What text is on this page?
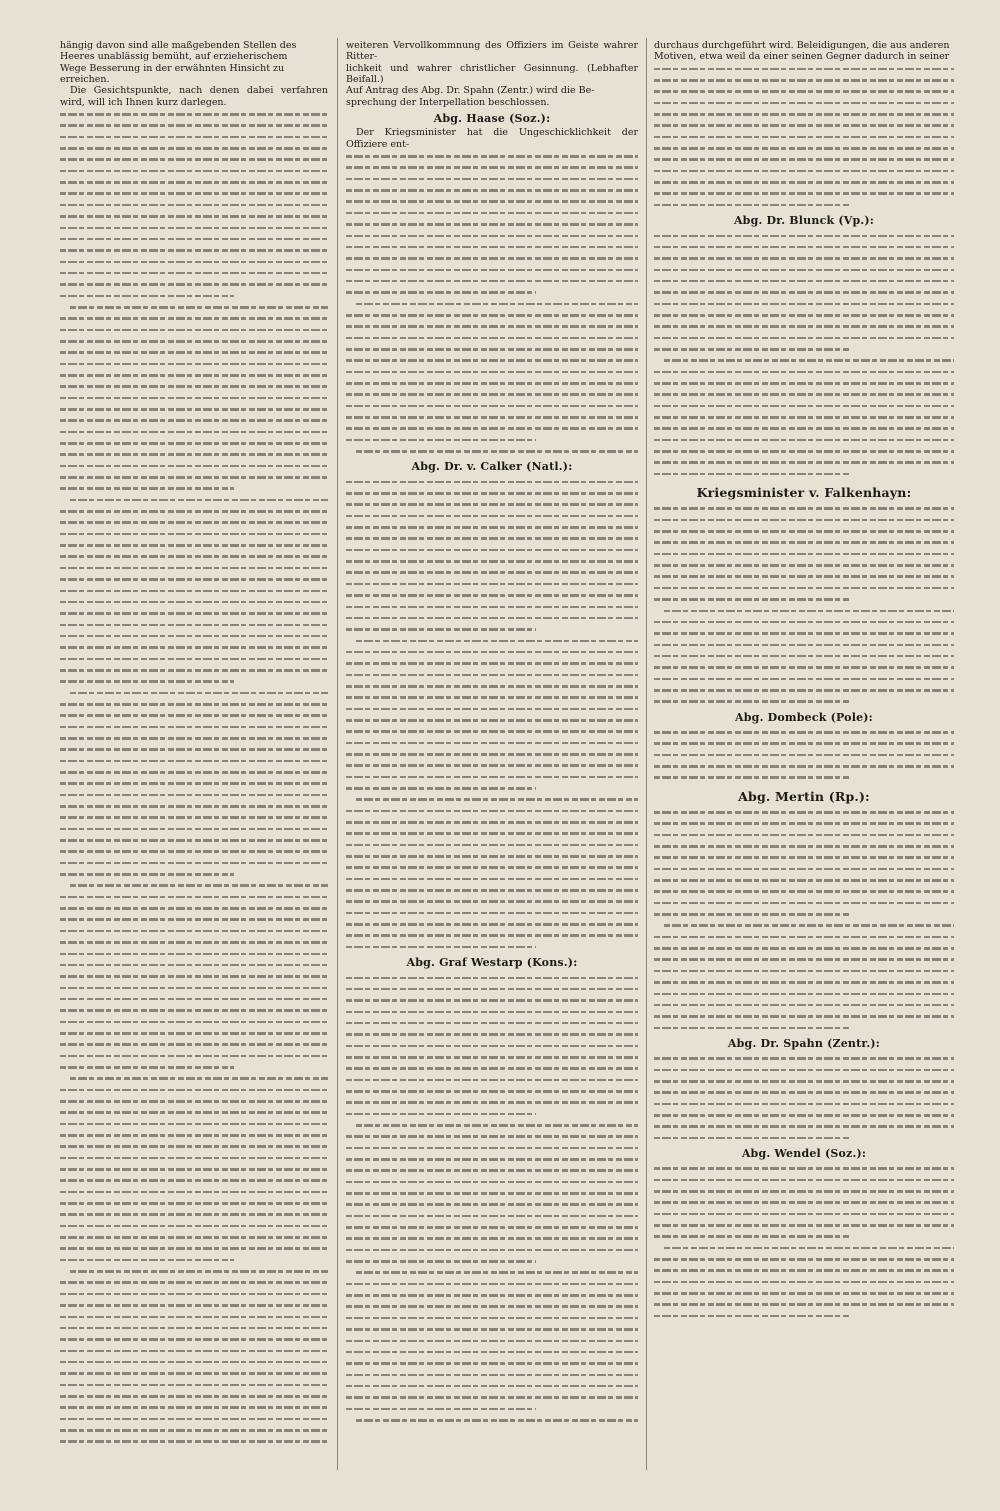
hängig davon sind alle maßgebenden Stellen des
Heeres unablässig bemüht, auf erzieherischem
Wege Besserung in der erwähnten Hinsicht zu
erreichen.

Die Gesichtspunkte, nach denen dabei verfahren wird, will ich Ihnen kurz darlegen.

weiteren Vervollkommnung des Offiziers im Geiste wahrer Ritter-
lichkeit und wahrer christlicher Gesinnung. (Lebhafter Beifall.)
Auf Antrag des Abg. Dr. Spahn (Zentr.) wird die Be-
sprechung der Interpellation beschlossen.
Abg. Haase (Soz.):

Der Kriegsminister hat die Ungeschicklichkeit der Offiziere ent-

Abg. Dr. v. Calker (Natl.):
Abg. Graf Westarp (Kons.):
durchaus durchgeführt wird. Beleidigungen, die aus anderen
Motiven, etwa weil da einer seinen Gegner dadurch in seiner
Abg. Dr. Blunck (Vp.):
Kriegsminister v. Falkenhayn:
Abg. Dombeck (Pole):
Abg. Mertin (Rp.):
Abg. Dr. Spahn (Zentr.):
Abg. Wendel (Soz.):
